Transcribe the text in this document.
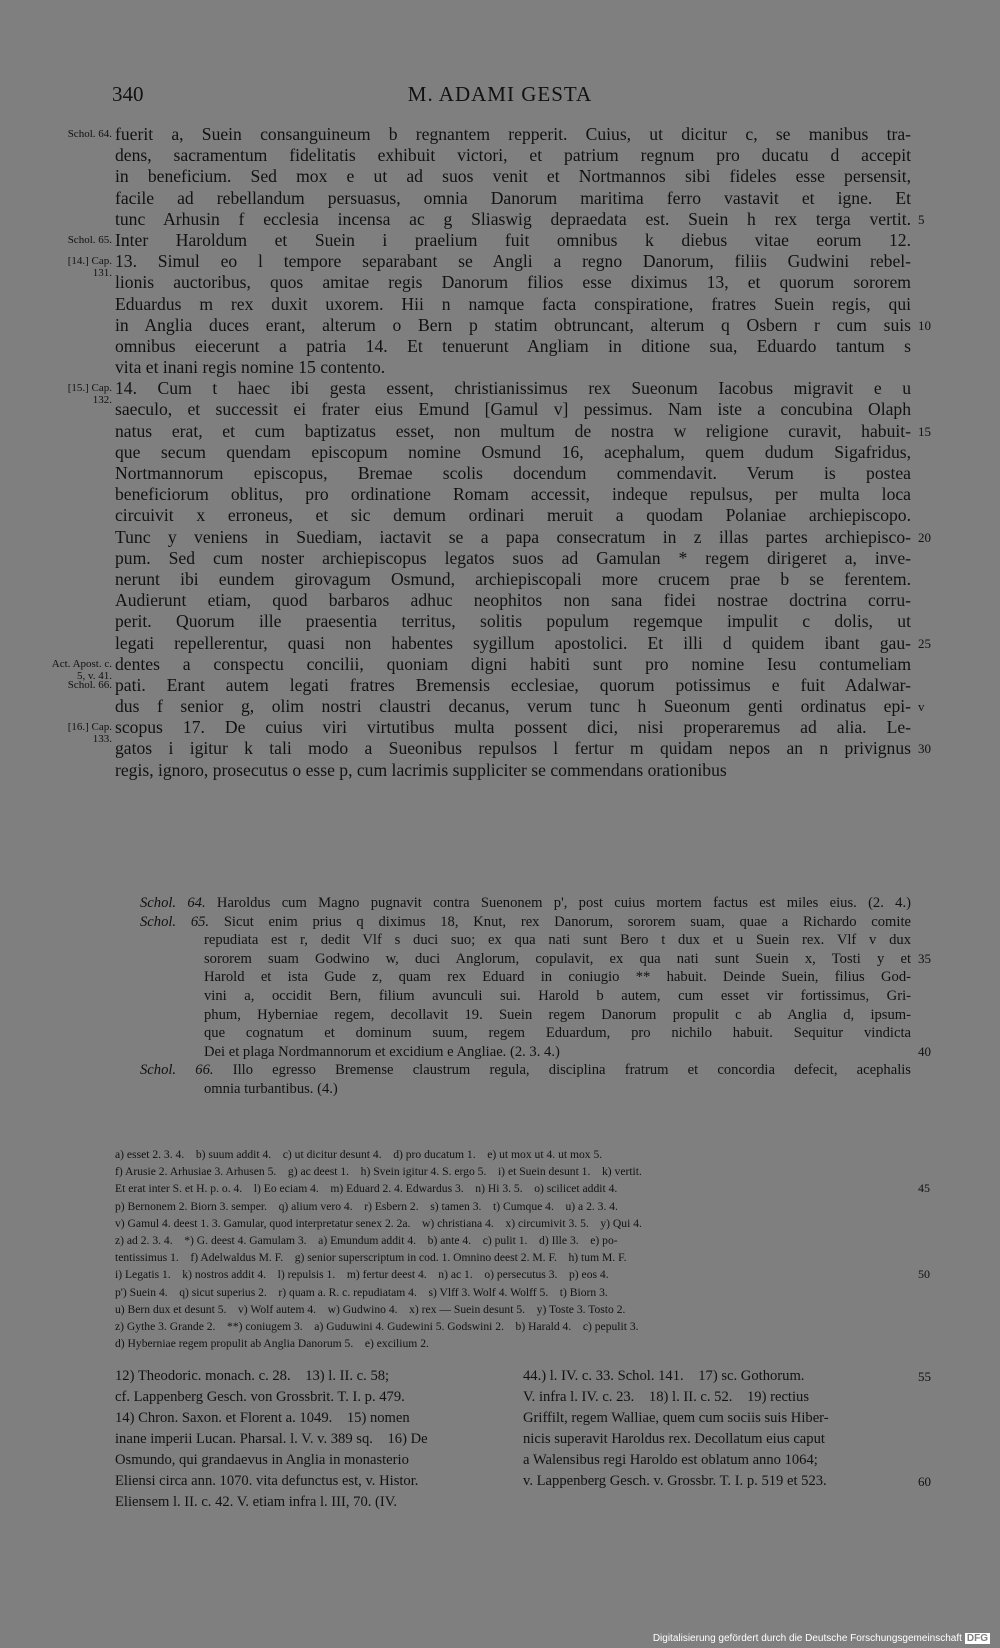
340	M. ADAMI GESTA
Schol. 64. fuerit a, Suein consanguineum b regnantem repperit. Cuius, ut dicitur c, se manibus tra-
dens, sacramentum fidelitatis exhibuit victori, et patrium regnum pro ducatu d accepit
in beneficium. Sed mox e ut ad suos venit et Nortmannos sibi fideles esse persensit,
facile ad rebellandum persuasus, omnia Danorum maritima ferro vastavit et igne. Et
tunc Arhusin f ecclesia incensa ac g Sliaswig depraedata est. Suein h rex terga vertit. 5
Schol. 65. Inter Haroldum et Suein i praelium fuit omnibus k diebus vitae eorum 12.
[14.] Cap. 131.
13. Simul eo l tempore separabant se Angli a regno Danorum, filiis Gudwini rebel-
lionis auctoribus, quos amitae regis Danorum filios esse diximus 13, et quorum sororem
Eduardus m rex duxit uxorem. Hii n namque facta conspiratione, fratres Suein regis, qui
in Anglia duces erant, alterum o Bern p statim obtruncant, alterum q Osbern r cum suis 10
omnibus eiecerunt a patria 14. Et tenuerunt Angliam in ditione sua, Eduardo tantum s
vita et inani regis nomine 15 contento.
[15.] Cap. 132.
14. Cum t haec ibi gesta essent, christianissimus rex Sueonum Iacobus migravit e u
saeculo, et successit ei frater eius Emund [Gamul v] pessimus. Nam iste a concubina Olaph
natus erat, et cum baptizatus esset, non multum de nostra w religione curavit, habuit- 15
que secum quendam episcopum nomine Osmund 16, acephalum, quem dudum Sigafridus,
Nortmannorum episcopus, Bremae scolis docendum commendavit. Verum is postea
beneficiorum oblitus, pro ordinatione Romam accessit, indeque repulsus, per multa loca
circuivit x erroneus, et sic demum ordinari meruit a quodam Polaniae archiepiscopo.
Tunc y veniens in Suediam, iactavit se a papa consecratum in z illas partes archiepisco- 20
pum. Sed cum noster archiepiscopus legatos suos ad Gamulan * regem dirigeret a, inve-
nerunt ibi eundem girovagum Osmund, archiepiscopali more crucem prae b se ferentem.
Audierunt etiam, quod barbaros adhuc neophitos non sana fidei nostrae doctrina corru-
perit. Quorum ille praesentia territus, solitis populum regemque impulit c dolis, ut
legati repellerentur, quasi non habentes sygillum apostolici. Et illi d quidem ibant gau- 25
Act. Apost. c. 5, v. 41.
dentes a conspectu concilii, quoniam digni habiti sunt pro nomine Iesu contumeliam
Schol. 66. pati. Erant autem legati fratres Bremensis ecclesiae, quorum potissimus e fuit Adalwar-
dus f senior g, olim nostri claustri decanus, verum tunc h Sueonum genti ordinatus epi- v
[16.] Cap. 133.
scopus 17. De cuius viri virtutibus multa possent dici, nisi properaremus ad alia. Le-
gatos i igitur k tali modo a Sueonibus repulsos l fertur m quidam nepos an n privignus 30
regis, ignoro, prosecutus o esse p, cum lacrimis suppliciter se commendans orationibus
Schol. 64. Haroldus cum Magno pugnavit contra Suenonem p', post cuius mortem factus est miles eius. (2. 4.)
Schol. 65. Sicut enim prius q diximus 18, Knut, rex Danorum, sororem suam, quae a Richardo comite
repudiata est r, dedit Vlf s duci suo; ex qua nati sunt Bero t dux et u Suein rex. Vlf v dux
sororem suam Godwino w, duci Anglorum, copulavit, ex qua nati sunt Suein x, Tosti y et 35
Harold et ista Gude z, quam rex Eduard in coniugio ** habuit. Deinde Suein, filius God-
vini a, occidit Bern, filium avunculi sui. Harold b autem, cum esset vir fortissimus, Gri-
phum, Hyberniae regem, decollavit 19. Suein regem Danorum propulit c ab Anglia d, ipsum-
que cognatum et dominum suum, regem Eduardum, pro nichilo habuit. Sequitur vindicta
Dei et plaga Nordmannorum et excidium e Angliae. (2. 3. 4.)	40
Schol. 66. Illo egresso Bremense claustrum regula, disciplina fratrum et concordia defecit, acephalis
omnia turbantibus. (4.)
a) esset 2. 3. 4.    b) suum addit 4.    c) ut dicitur desunt 4.    d) pro ducatum 1.    e) ut mox ut 4. ut mox 5.
f) Arusie 2. Arhusiae 3. Arhusen 5.    g) ac deest 1.    h) Svein igitur 4. S. ergo 5.    i) et Suein desunt 1.    k) vertit.
Et erat inter S. et H. p. o. 4.    l) Eo eciam 4.    m) Eduard 2. 4. Edwardus 3.    n) Hi 3. 5.    o) scilicet addit 4.	45
p) Bernonem 2. Biorn 3. semper.    q) alium vero 4.    r) Esbern 2.    s) tamen 3.    t) Cumque 4.    u) a 2. 3. 4.
v) Gamul 4. deest 1. 3. Gamular, quod interpretatur senex 2. 2a.    w) christiana 4.    x) circumivit 3. 5.    y) Qui 4.
z) ad 2. 3. 4.    *) G. deest 4. Gamulam 3.    a) Emundum addit 4.    b) ante 4.    c) pulit 1.    d) Ille 3.    e) po-
tentissimus 1.    f) Adelwaldus M. F.    g) senior superscriptum in cod. 1. Omnino deest 2. M. F.    h) tum M. F.
i) Legatis 1.    k) nostros addit 4.    l) repulsis 1.    m) fertur deest 4.    n) ac 1.    o) persecutus 3.    p) eos 4.	50
p') Suein 4.    q) sicut superius 2.    r) quam a. R. c. repudiatam 4.    s) Vlff 3. Wolf 4. Wolff 5.    t) Biorn 3.
u) Bern dux et desunt 5.    v) Wolf autem 4.    w) Gudwino 4.    x) rex — Suein desunt 5.    y) Toste 3. Tosto 2.
z) Gythe 3. Grande 2.    **) coniugem 3.    a) Guduwini 4. Gudewini 5. Godswini 2.    b) Harald 4.    c) pepulit 3.
d) Hyberniae regem propulit ab Anglia Danorum 5.    e) excilium 2.
12) Theodoric. monach. c. 28.    13) l. II. c. 58;	44.) l. IV. c. 33. Schol. 141.    17) sc. Gothorum.	55
cf. Lappenberg Gesch. von Grossbrit. T. I. p. 479.	V. infra l. IV. c. 23.    18) l. II. c. 52.    19) rectius
14) Chron. Saxon. et Florent a. 1049.    15) nomen	Griffilt, regem Walliae, quem cum sociis suis Hiber-
inane imperii Lucan. Pharsal. l. V. v. 389 sq.    16) De	nicis superavit Haroldus rex. Decollatum eius caput
Osmundo, qui grandaevus in Anglia in monasterio	a Walensibus regi Haroldo est oblatum anno 1064;
Eliensi circa ann. 1070. vita defunctus est, v. Histor.	v. Lappenberg Gesch. v. Grossbr. T. I. p. 519 et 523.	60
Eliensem l. II. c. 42. V. etiam infra l. III, 70. (IV.
Digitalisierung gefördert durch die Deutsche Forschungsgemeinschaft DFG
